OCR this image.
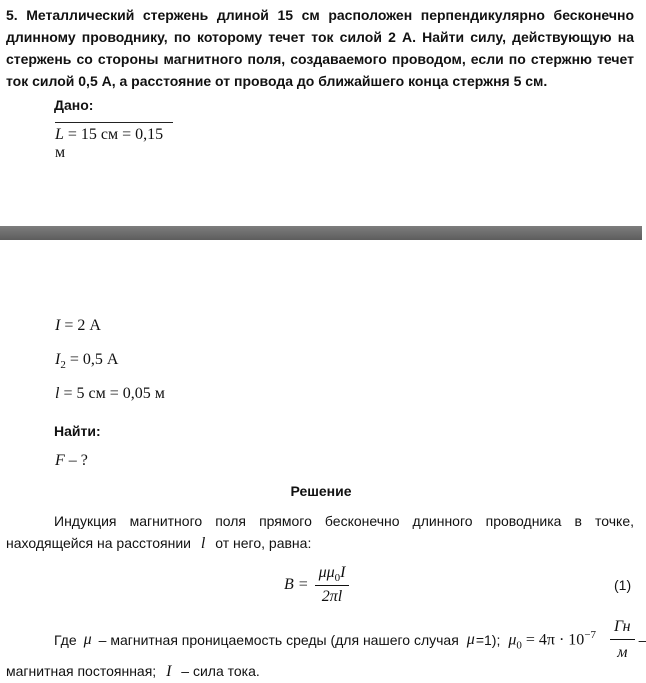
5. Металлический стержень длиной 15 см расположен перпендикулярно бесконечно длинному проводнику, по которому течет ток силой 2 А. Найти силу, действующую на стержень со стороны магнитного поля, создаваемого проводом, если по стержню течет ток силой 0,5 А, а расстояние от провода до ближайшего конца стержня 5 см.
Дано:
L = 15 см = 0,15 м
I = 2 А
$I_2 = 0,5$ А
l = 5 см = 0,05 м
Найти:
F – ?
Решение
Индукция магнитного поля прямого бесконечно длинного проводника в точке,
находящейся на расстоянии l от него, равна:
$B = \frac{\mu\mu_0I}{2\pi l}$	(1)
Где μ – магнитная проницаемость среды (для нашего случая μ =1); $\mu_0 = 4\pi \cdot 10^{-7} \frac{Гн}{м}$ –
магнитная постоянная; I – сила тока.
